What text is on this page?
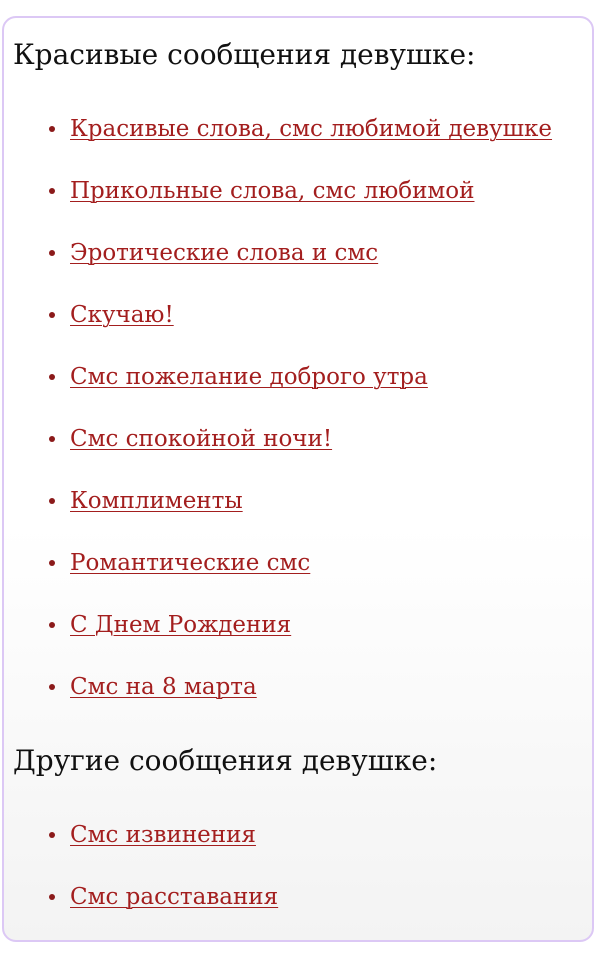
Красивые сообщения девушке:
Красивые слова, смс любимой девушке
Прикольные слова, смс любимой
Эротические слова и смс
Скучаю!
Смс пожелание доброго утра
Смс спокойной ночи!
Комплименты
Романтические смс
С Днем Рождения
Смс на 8 марта
Другие сообщения девушке:
Смс извинения
Смс расставания
